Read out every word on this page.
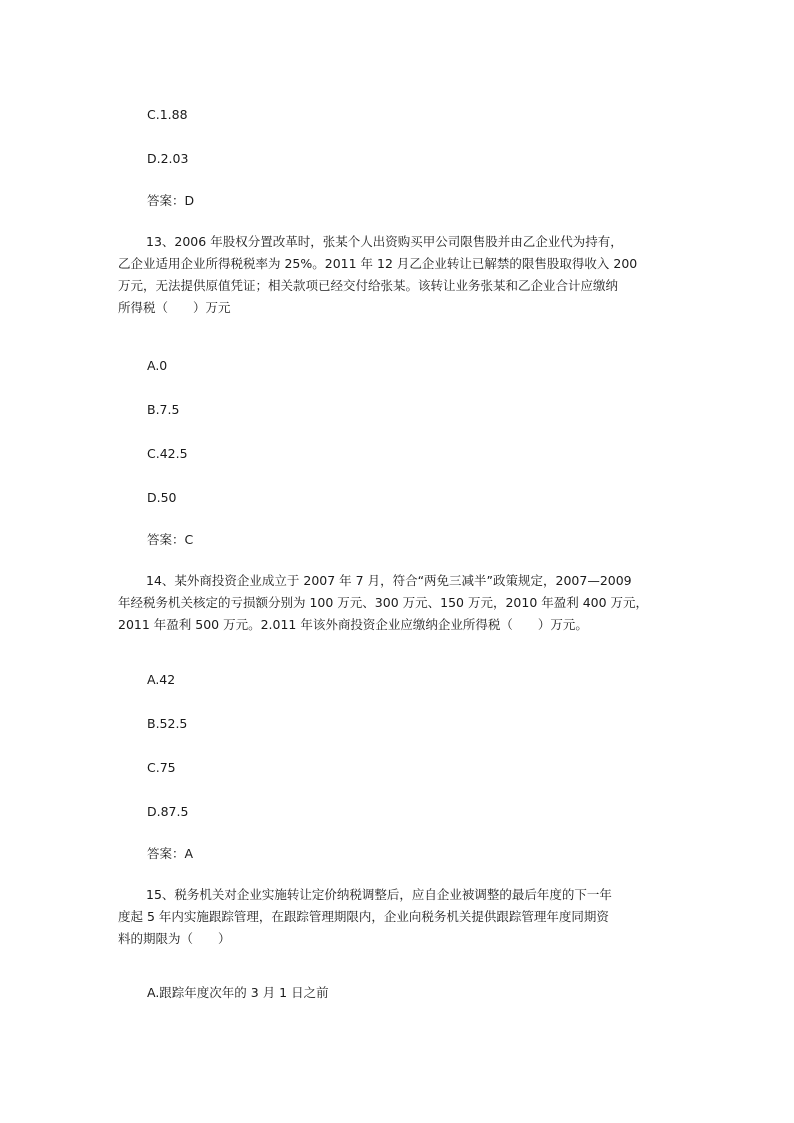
C.1.88
D.2.03
答案：D
13、2006 年股权分置改革时，张某个人出资购买甲公司限售股并由乙企业代为持有，
乙企业适用企业所得税税率为 25%。2011 年 12 月乙企业转让已解禁的限售股取得收入 200
万元，无法提供原值凭证；相关款项已经交付给张某。该转让业务张某和乙企业合计应缴纳
所得税（　　）万元
A.0
B.7.5
C.42.5
D.50
答案：C
14、某外商投资企业成立于 2007 年 7 月，符合“两免三减半”政策规定，2007—2009
年经税务机关核定的亏损额分别为 100 万元、300 万元、150 万元，2010 年盈利 400 万元，
2011 年盈利 500 万元。2.011 年该外商投资企业应缴纳企业所得税（　　）万元。
A.42
B.52.5
C.75
D.87.5
答案：A
15、税务机关对企业实施转让定价纳税调整后，应自企业被调整的最后年度的下一年
度起 5 年内实施跟踪管理，在跟踪管理期限内，企业向税务机关提供跟踪管理年度同期资
料的期限为（　　）
A.跟踪年度次年的 3 月 1 日之前
